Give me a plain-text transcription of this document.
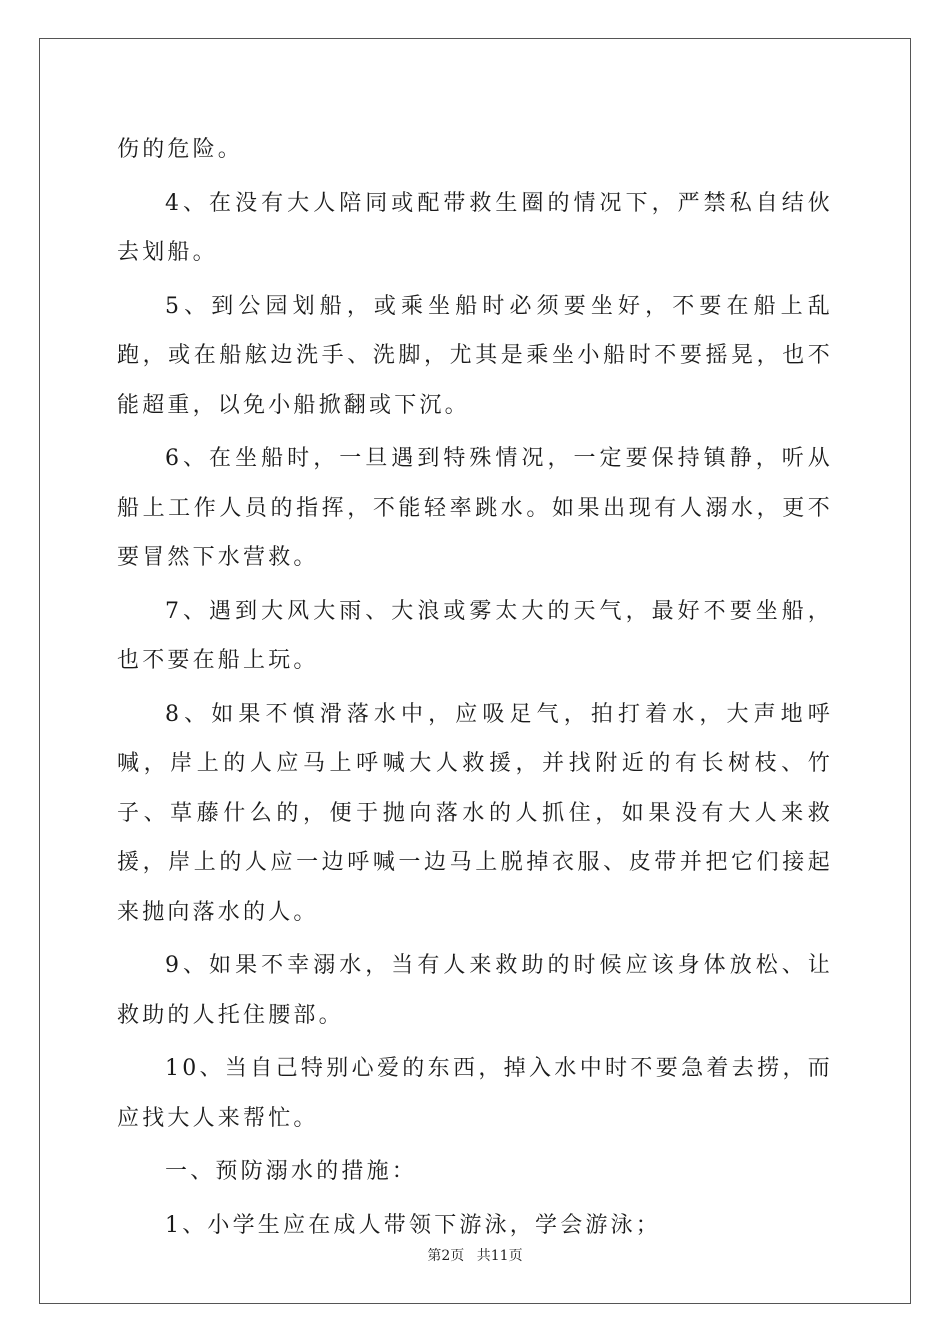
伤的危险。

4、在没有大人陪同或配带救生圈的情况下，严禁私自结伙去划船。

5、到公园划船，或乘坐船时必须要坐好，不要在船上乱跑，或在船舷边洗手、洗脚，尤其是乘坐小船时不要摇晃，也不能超重，以免小船掀翻或下沉。

6、在坐船时，一旦遇到特殊情况，一定要保持镇静，听从船上工作人员的指挥，不能轻率跳水。如果出现有人溺水，更不要冒然下水营救。

7、遇到大风大雨、大浪或雾太大的天气，最好不要坐船，也不要在船上玩。

8、如果不慎滑落水中，应吸足气，拍打着水，大声地呼喊，岸上的人应马上呼喊大人救援，并找附近的有长树枝、竹子、草藤什么的，便于抛向落水的人抓住，如果没有大人来救援，岸上的人应一边呼喊一边马上脱掉衣服、皮带并把它们接起来抛向落水的人。

9、如果不幸溺水，当有人来救助的时候应该身体放松、让救助的人托住腰部。

10、当自己特别心爱的东西，掉入水中时不要急着去捞，而应找大人来帮忙。

一、预防溺水的措施：

1、小学生应在成人带领下游泳，学会游泳；

第2页 共11页
